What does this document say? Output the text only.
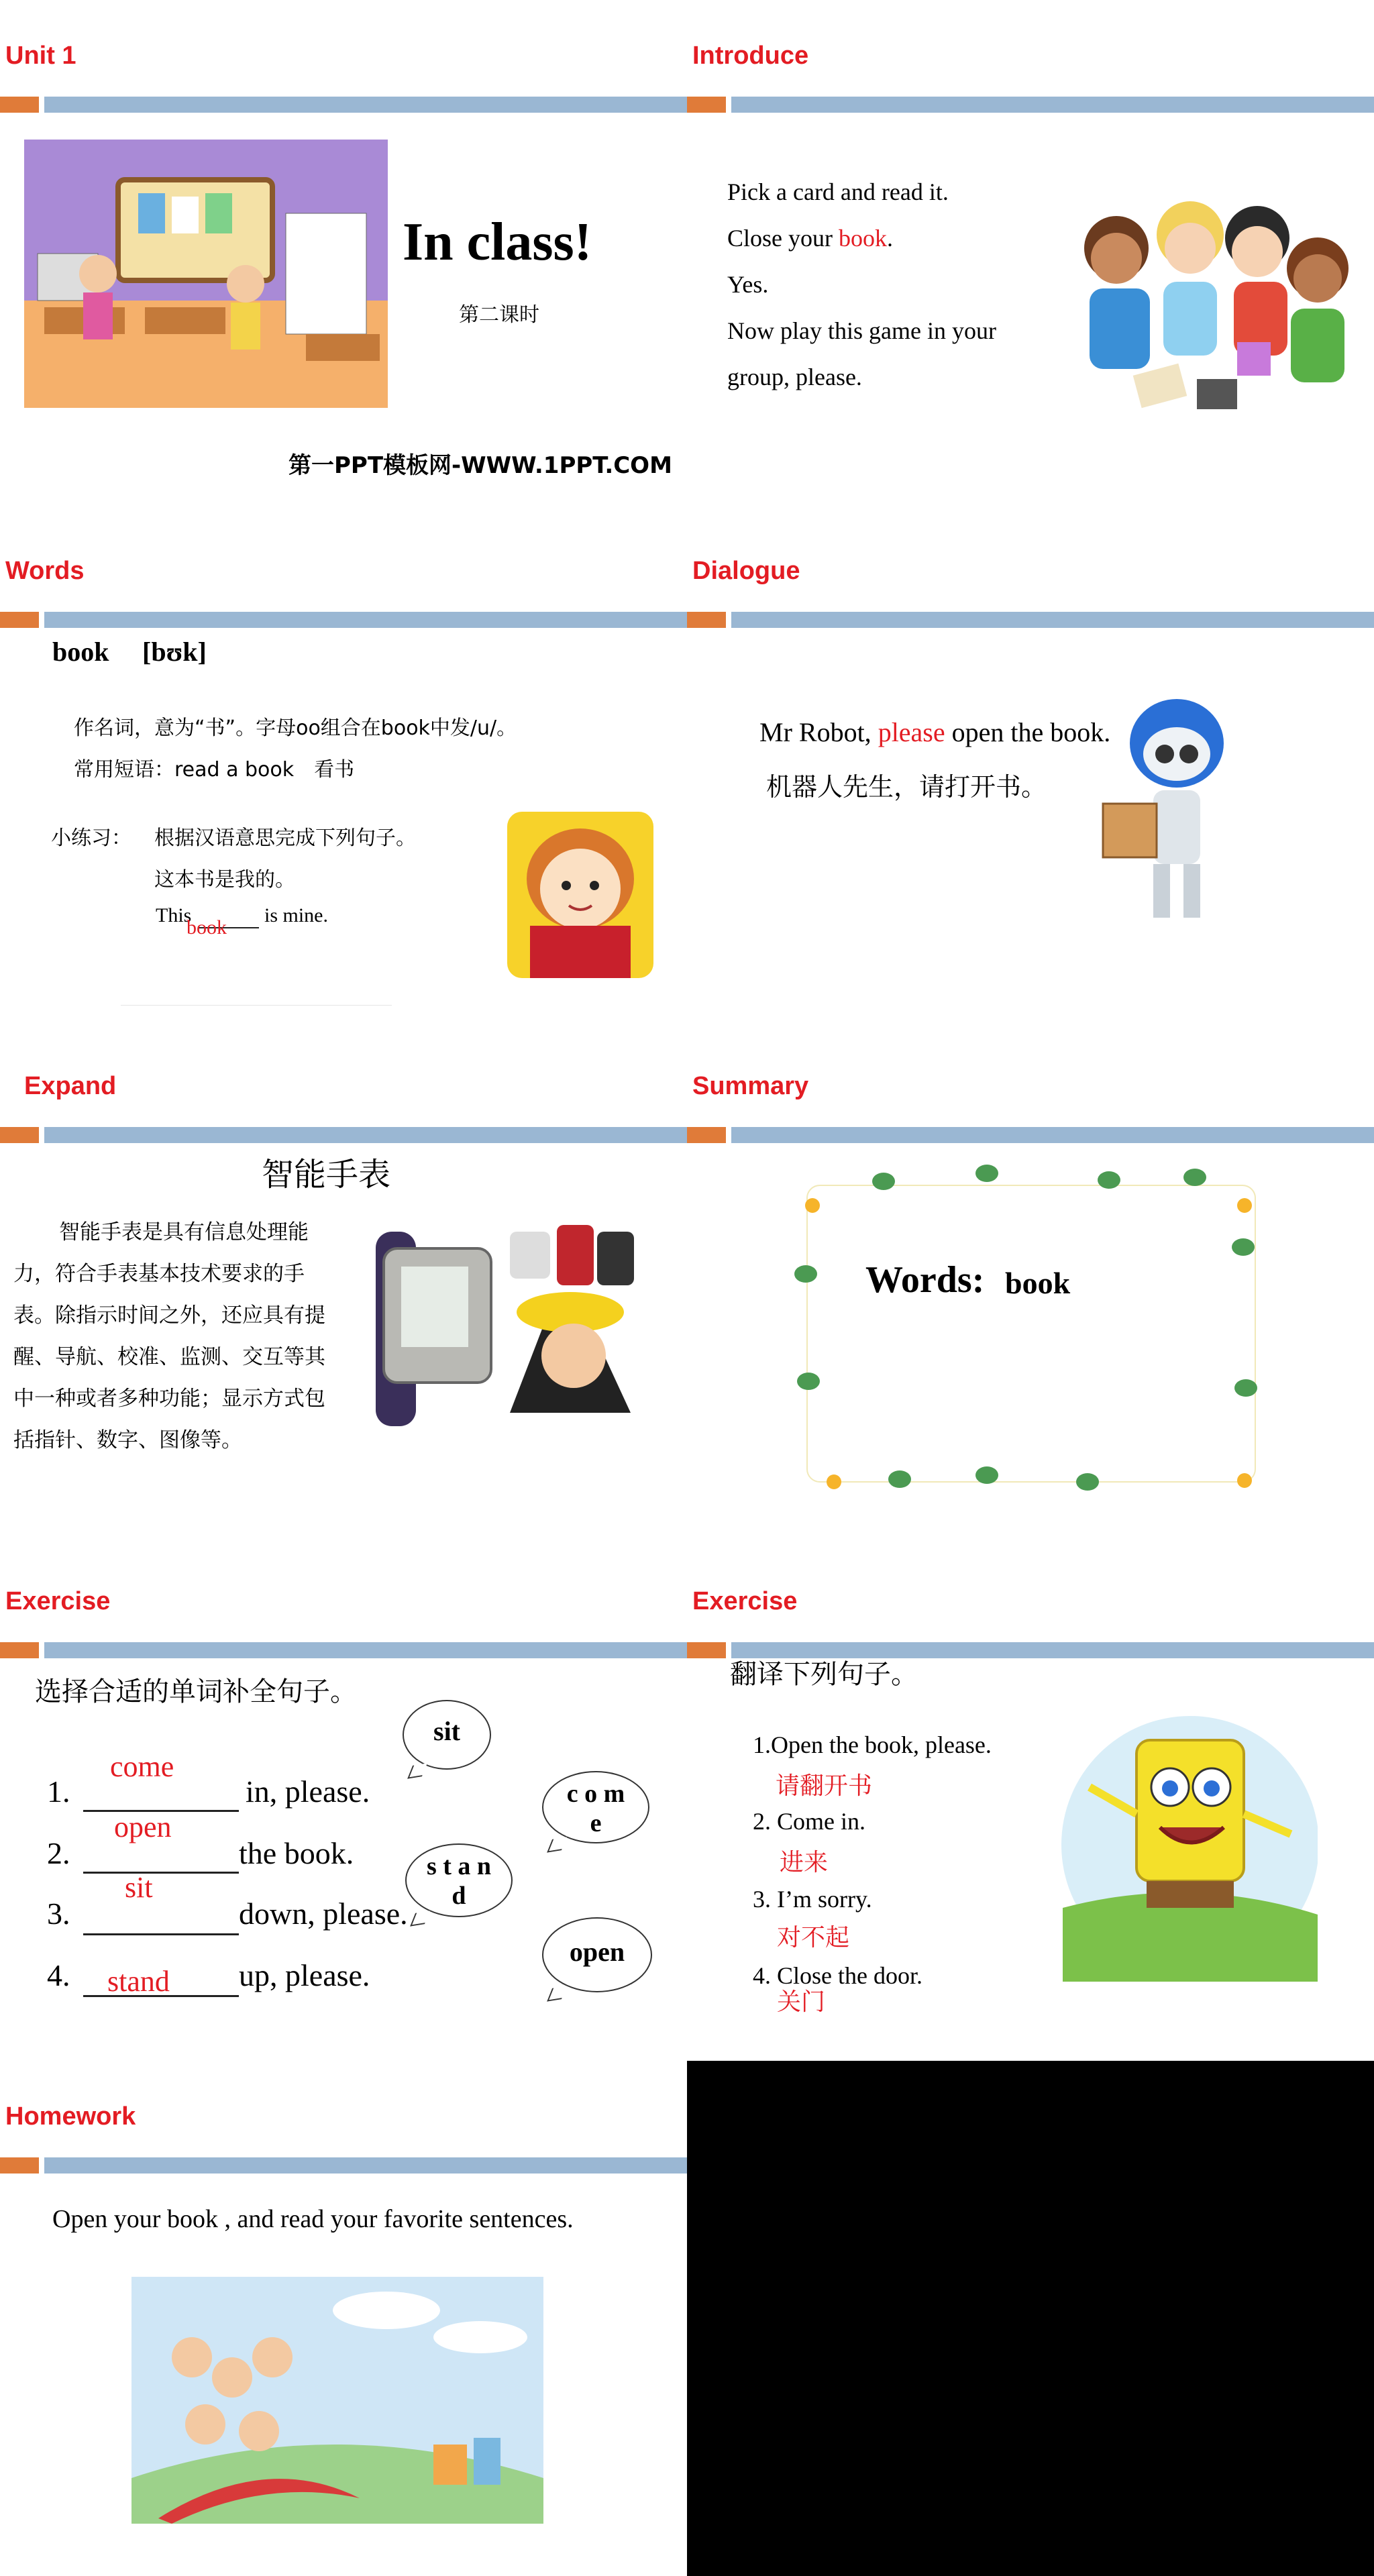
Unit 1
In class!
第二课时
第一PPT模板网-WWW.1PPT.COM
Introduce
Pick a card and read it.
Close your book.
Yes.
Now play this game in your
group, please.
Words
book [bʊk]
作名词，意为“书”。字母oo组合在book中发/u/。
常用短语：read a book　看书
小练习： 根据汉语意思完成下列句子。
这本书是我的。
This
book
is mine.
Dialogue
Mr Robot, please open the book.
机器人先生，请打开书。
Expand
智能手表
智能手表是具有信息处理能力，符合手表基本技术要求的手表。除指示时间之外，还应具有提醒、导航、校准、监测、交互等其中一种或者多种功能；显示方式包括指针、数字、图像等。
Summary
Words: book
Exercise
选择合适的单词补全句子。
1.
come
in, please.
2.
open
the book.
3.
sit
down, please.
4. stand up, please.
sit
c o m e
s t a n d
open
Exercise
翻译下列句子。
1.Open the book, please.
请翻开书
2. Come in.
进来
3. I’m sorry.
对不起
4. Close the door.
关门
Homework
Open your book , and read your favorite sentences.
